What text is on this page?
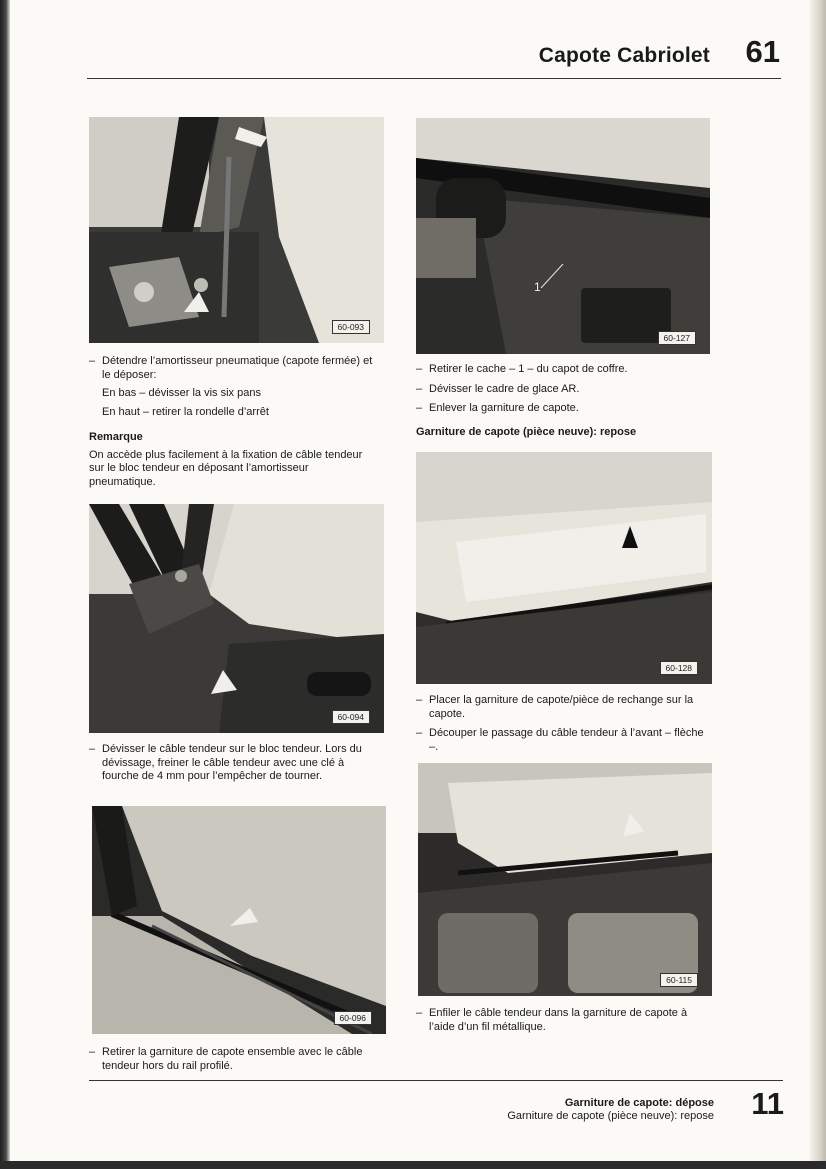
Capote Cabriolet 61
60-093
– Détendre l’amortisseur pneumatique (capote fermée) et le déposer:
En bas – dévisser la vis six pans
En haut – retirer la rondelle d’arrêt
Remarque
On accède plus facilement à la fixation de câble tendeur sur le bloc tendeur en déposant l’amortisseur pneumatique.
60-094
– Dévisser le câble tendeur sur le bloc tendeur. Lors du dévissage, freiner le câble tendeur avec une clé à fourche de 4 mm pour l’empêcher de tourner.
60-096
– Retirer la garniture de capote ensemble avec le câble tendeur hors du rail profilé.
1
60-127
– Retirer le cache – 1 – du capot de coffre.
– Dévisser le cadre de glace AR.
– Enlever la garniture de capote.
Garniture de capote (pièce neuve): repose
60-128
– Placer la garniture de capote/pièce de rechange sur la capote.
– Découper le passage du câble tendeur à l’avant – flèche –.
60-115
– Enfiler le câble tendeur dans la garniture de capote à l’aide d’un fil métallique.
Garniture de capote: dépose
Garniture de capote (pièce neuve): repose 11
